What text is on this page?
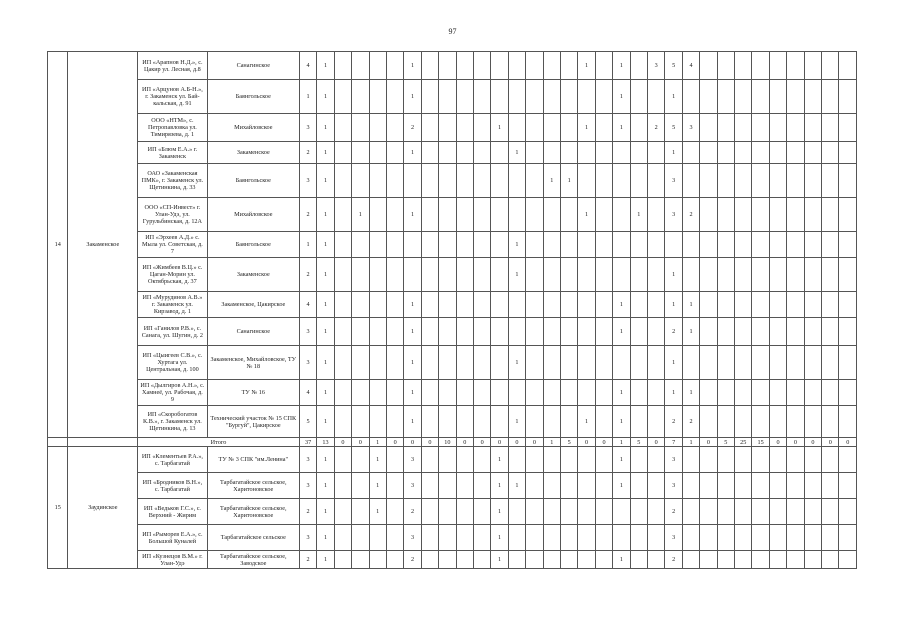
97
14	Закаменское	ИП «Арапнов Н.Д.», с. Цакир ул. Лесная, д.8	Санагинское	4	1					1										1		1		3	5	4									
		ИП «Арцунов А.Б-Н.», г. Закаменск ул. Бай-кальская, д. 91	Баянгольское	1	1					1												1			1										
		ООО «НТМ», с. Петропавловка ул. Тимирязева, д. 1	Михайловское	3	1					2					1					1		1		2	5	3									
		ИП «Блюм Е.А.» г. Закаменск	Закаменское	2	1					1						1									1										
		ОАО «Закаменская ПМК», г. Закаменск ул. Щетинкина, д. 33	Баянгольское	3	1													1	1						3										
		ООО «СП-Инвест» г. Улан-Удэ, ул. Гурульбинская, д. 12А	Михайловское	2	1		1			1										1			1		3	2									
		ИП «Эрхеев А.Д.» с. Мыла ул. Советская, д. 7	Баянгольское	1	1											1																			
		ИП «Жимбеев В.Ц.» с. Цаган-Морин ул. Октябрьская, д. 37	Закаменское	2	1											1									1										
		ИП «Мурудинов А.В.» г. Закаменск ул. Кирзавод, д. 1	Закаменское, Цакирское	4	1					1												1			1	1									
		ИП «Ганилов Р.В.», с. Санага, ул. Шугин, д. 2	Санагинское	3	1					1												1			2	1									
		ИП «Цыигеев С.В.», с. Хуртага ул. Центральная, д. 100	Закаменское, Михайловское, ТУ № 18	3	1					1						1									1										
		ИП «Дылгиров А.Н.», с. Хамнеё, ул. Рабочая, д. 9	ТУ № 16	4	1					1												1			1	1									
		ИП «Скоробогатов К.В.», г. Закаменск ул. Щетинкина, д. 13	Технический участок № 15 СПК "Бургуй", Цакирское	5	1					1						1				1		1			2	2									
		Итого		37	13	0	0	1	0	0	0	10	0	0	0	0	0	1	5	0	0	1	5	0	7	1	0	5	25	15	0	0	0	0	0
15	Заудинское	ИП «Клементьев Р.А.», с. Тарбагатай	ТУ № 3 СПК "им.Ленина"	3	1			1		3					1							1			3										
		ИП «Бродников В.Н.», с. Тарбагатай	Тарбагатайское сельское, Харитоновское	3	1			1		3					1	1						1			3										
		ИП «Ведьков Г.С.», с. Верхний - Жирим	Тарбагатайское сельское, Харитоновское	2	1			1		2					1										2										
		ИП «Рыморев Е.А.», с. Большой Куналей	Тарбагатайское сельское	3	1					3					1										3										
		ИП «Кузнецов В.М.» г. Улан-Удэ	Тарбагатайское сельское, Заводское	2	1					2					1							1			2										
